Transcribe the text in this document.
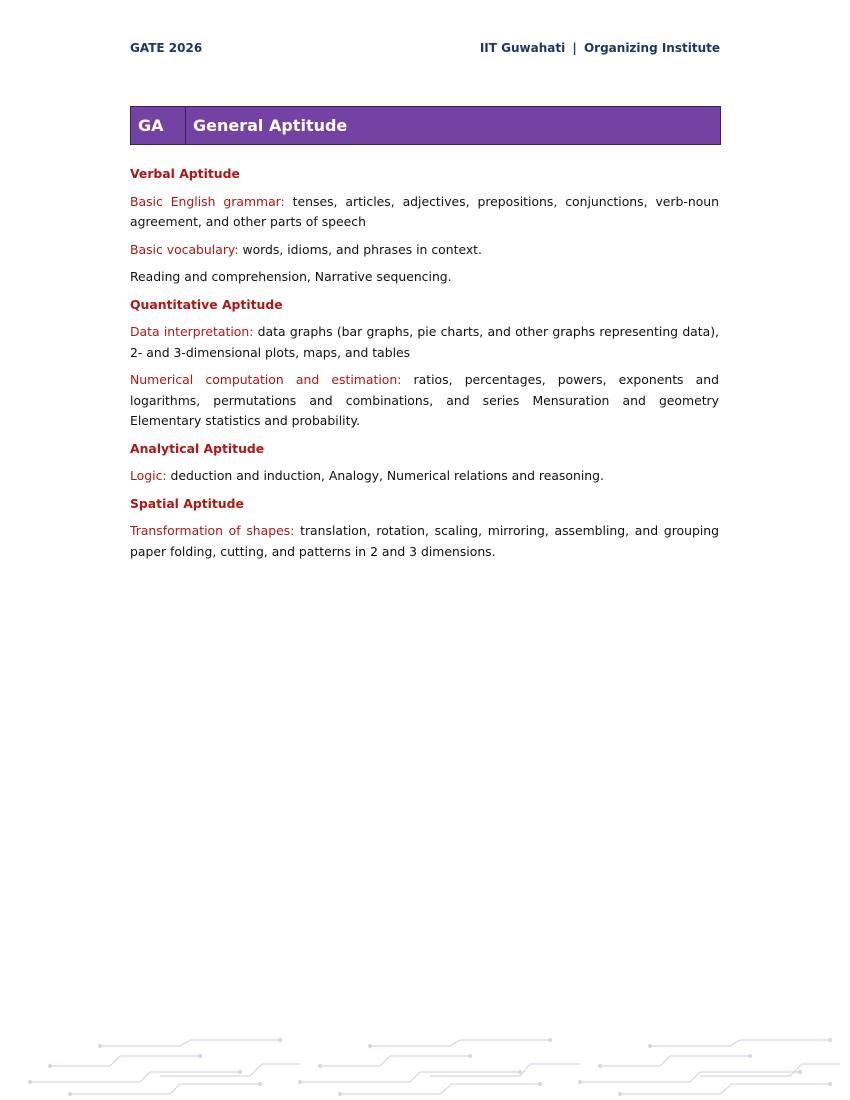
GATE 2026	IIT Guwahati | Organizing Institute
GA	General Aptitude
Verbal Aptitude

Basic English grammar: tenses, articles, adjectives, prepositions, conjunctions, verb-noun agreement, and other parts of speech

Basic vocabulary: words, idioms, and phrases in context.

Reading and comprehension, Narrative sequencing.

Quantitative Aptitude

Data interpretation: data graphs (bar graphs, pie charts, and other graphs representing data), 2- and 3-dimensional plots, maps, and tables

Numerical computation and estimation: ratios, percentages, powers, exponents and logarithms, permutations and combinations, and series Mensuration and geometry Elementary statistics and probability.

Analytical Aptitude

Logic: deduction and induction, Analogy, Numerical relations and reasoning.

Spatial Aptitude

Transformation of shapes: translation, rotation, scaling, mirroring, assembling, and grouping paper folding, cutting, and patterns in 2 and 3 dimensions.
